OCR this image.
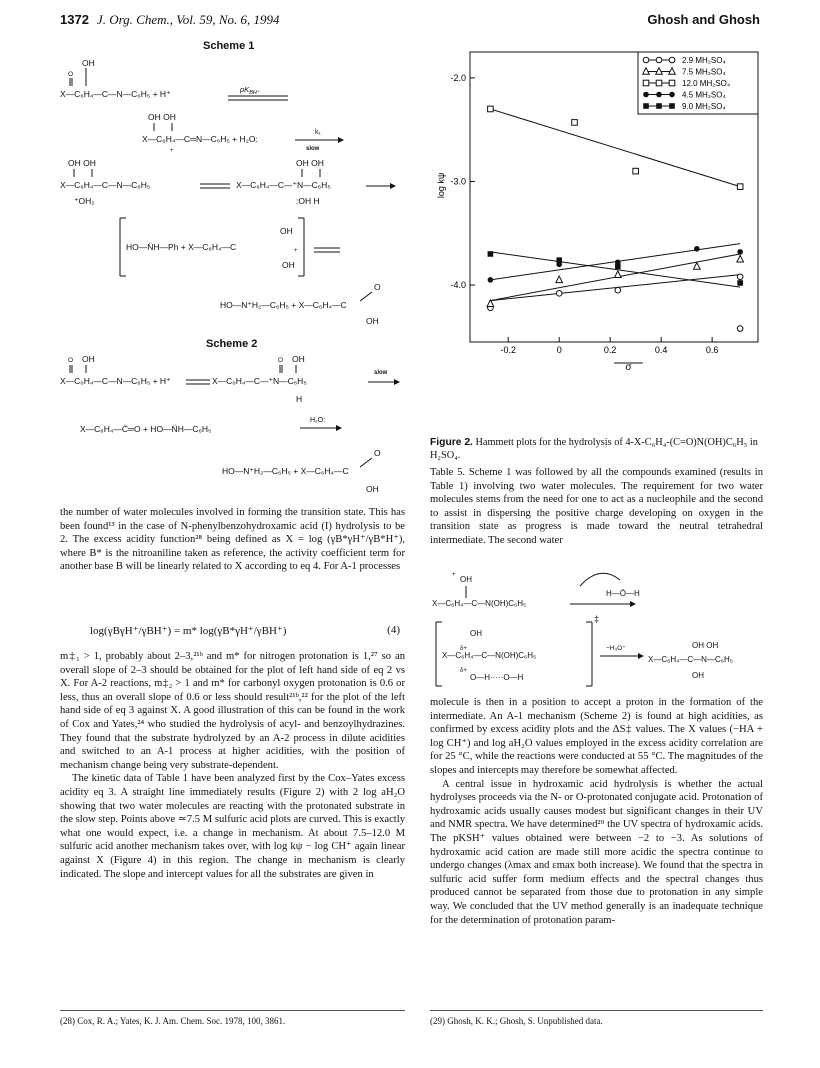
1372 J. Org. Chem., Vol. 59, No. 6, 1994	Ghosh and Ghosh
Scheme 1
O
OH
X—C₆H₄—C—N—C₆H₅ + H⁺	$pK_{BH^+}$
OH OH
X—C₆H₄—C═N—C₆H₅ + H₂O:
+
k₁
slow
OH OH	OH OH
X—C₆H₄—C—N—C₆H₅	X—C₆H₄—C—⁺N—C₆H₅
⁺OH₂	:OH H
HO—N̈H—Ph + X—C₆H₄—C
OH
OH
+
HO—N⁺H₂—C₆H₅ + X—C₆H₄—C
O
OH
Scheme 2
O OH	O OH
X—C₆H₄—C—N—C₆H₅ + H⁺	X—C₆H₄—C—⁺N—C₆H₅
slow
H
X—C₆H₄—C̈═O + HO—N̈H—C₆H₅
H₂O:
HO—N⁺H₂—C₆H₅ + X—C₆H₄—C
O
OH
-2.0
-3.0
-4.0
-0.2	0	0.2	0.4	0.6
log kψ
σ
2.9 MH₂SO₄
7.5 MH₂SO₄
12.0 MH₂SO₄
4.5 MH₂SO₄
9.0 MH₂SO₄
Figure 2. Hammett plots for the hydrolysis of 4-X-C₆H₄-(C=O)N(OH)C₆H₅ in H₂SO₄.

the number of water molecules involved in forming the transition state. This has been found¹³ in the case of N-phenylbenzohydroxamic acid (I) hydrolysis to be 2. The excess acidity function²⁸ being defined as X = log (γB*γH⁺/γB*H⁺), where B* is the nitroaniline taken as reference, the activity coefficient term for another base B will be linearly related to X according to eq 4. For A-1 processes

log(γBγH⁺/γBH⁺) = m* log(γB*γH⁺/γBH⁺)	(4)

m‡₁ > 1, probably about 2–3,²¹ᵇ and m* for nitrogen protonation is 1,²⁷ so an overall slope of 2–3 should be obtained for the plot of left hand side of eq 2 vs X. For A-2 reactions, m‡₂ > 1 and m* for carbonyl oxygen protonation is 0.6 or less, thus an overall slope of 0.6 or less should result²¹ᵇ,²² for the plot of the left hand side of eq 3 against X. A good illustration of this can be found in the work of Cox and Yates,²⁴ who studied the hydrolysis of acyl- and benzoylhydrazines. They found that the substrate hydrolyzed by an A-2 process in dilute acidities and switched to an A-1 process at higher acidities, with the position of mechanism change being very substrate-dependent.

The kinetic data of Table 1 have been analyzed first by the Cox–Yates excess acidity eq 3. A straight line immediately results (Figure 2) with 2 log aH₂O showing that two water molecules are reacting with the protonated substrate in the slow step. Points above ≃7.5 M sulfuric acid plots are curved. This is exactly what one would expect, i.e. a change in mechanism. At about 7.5–12.0 M sulfuric acid another mechanism takes over, with log kψ − log CH⁺ again linear against X (Figure 4) in this region. The change in mechanism is clearly indicated. The slope and intercept values for all the substrates are given in

Table 5. Scheme 1 was followed by all the compounds examined (results in Table 1) involving two water molecules. The requirement for two water molecules stems from the need for one to act as a nucleophile and the second to assist in dispersing the positive charge developing on oxygen in the transition state as progress is made toward the neutral tetrahedral intermediate. The second water

OH
+
X—C₆H₄—C—N(OH)C₆H₅
H—Ö—H
‡
OH
δ+
X—C₆H₄—C—N(OH)C₆H₅
δ+
O—H·····O—H
−H₃O⁺	OH OH
X—C₆H₄—C—N—C₆H₅
OH

molecule is then in a position to accept a proton in the formation of the intermediate. An A-1 mechanism (Scheme 2) is found at high acidities, as confirmed by excess acidity plots and the ΔS‡ values. The X values (−HA + log CH⁺) and log aH₂O values employed in the excess acidity correlation are for 25 °C, while the reactions were conducted at 55 °C. The magnitudes of the slopes and intercepts may therefore be somewhat affected.

A central issue in hydroxamic acid hydrolysis is whether the actual hydrolyses proceeds via the N- or O-protonated conjugate acid. Protonation of hydroxamic acids usually causes modest but significant changes in their UV and NMR spectra. We have determined²⁹ the UV spectra of hydroxamic acids. The pKSH⁺ values obtained were between −2 to −3. As solutions of hydroxamic acid cation are made still more acidic the spectra continue to undergo changes (λmax and εmax both increase). We found that the spectra in sulfuric acid suffer form medium effects and the spectral changes thus produced cannot be separated from those due to protonation in any simple way. We concluded that the UV method generally is an inadequate technique for the determination of protonation param-

(28) Cox, R. A.; Yates, K. J. Am. Chem. Soc. 1978, 100, 3861.	(29) Ghosh, K. K.; Ghosh, S. Unpublished data.
